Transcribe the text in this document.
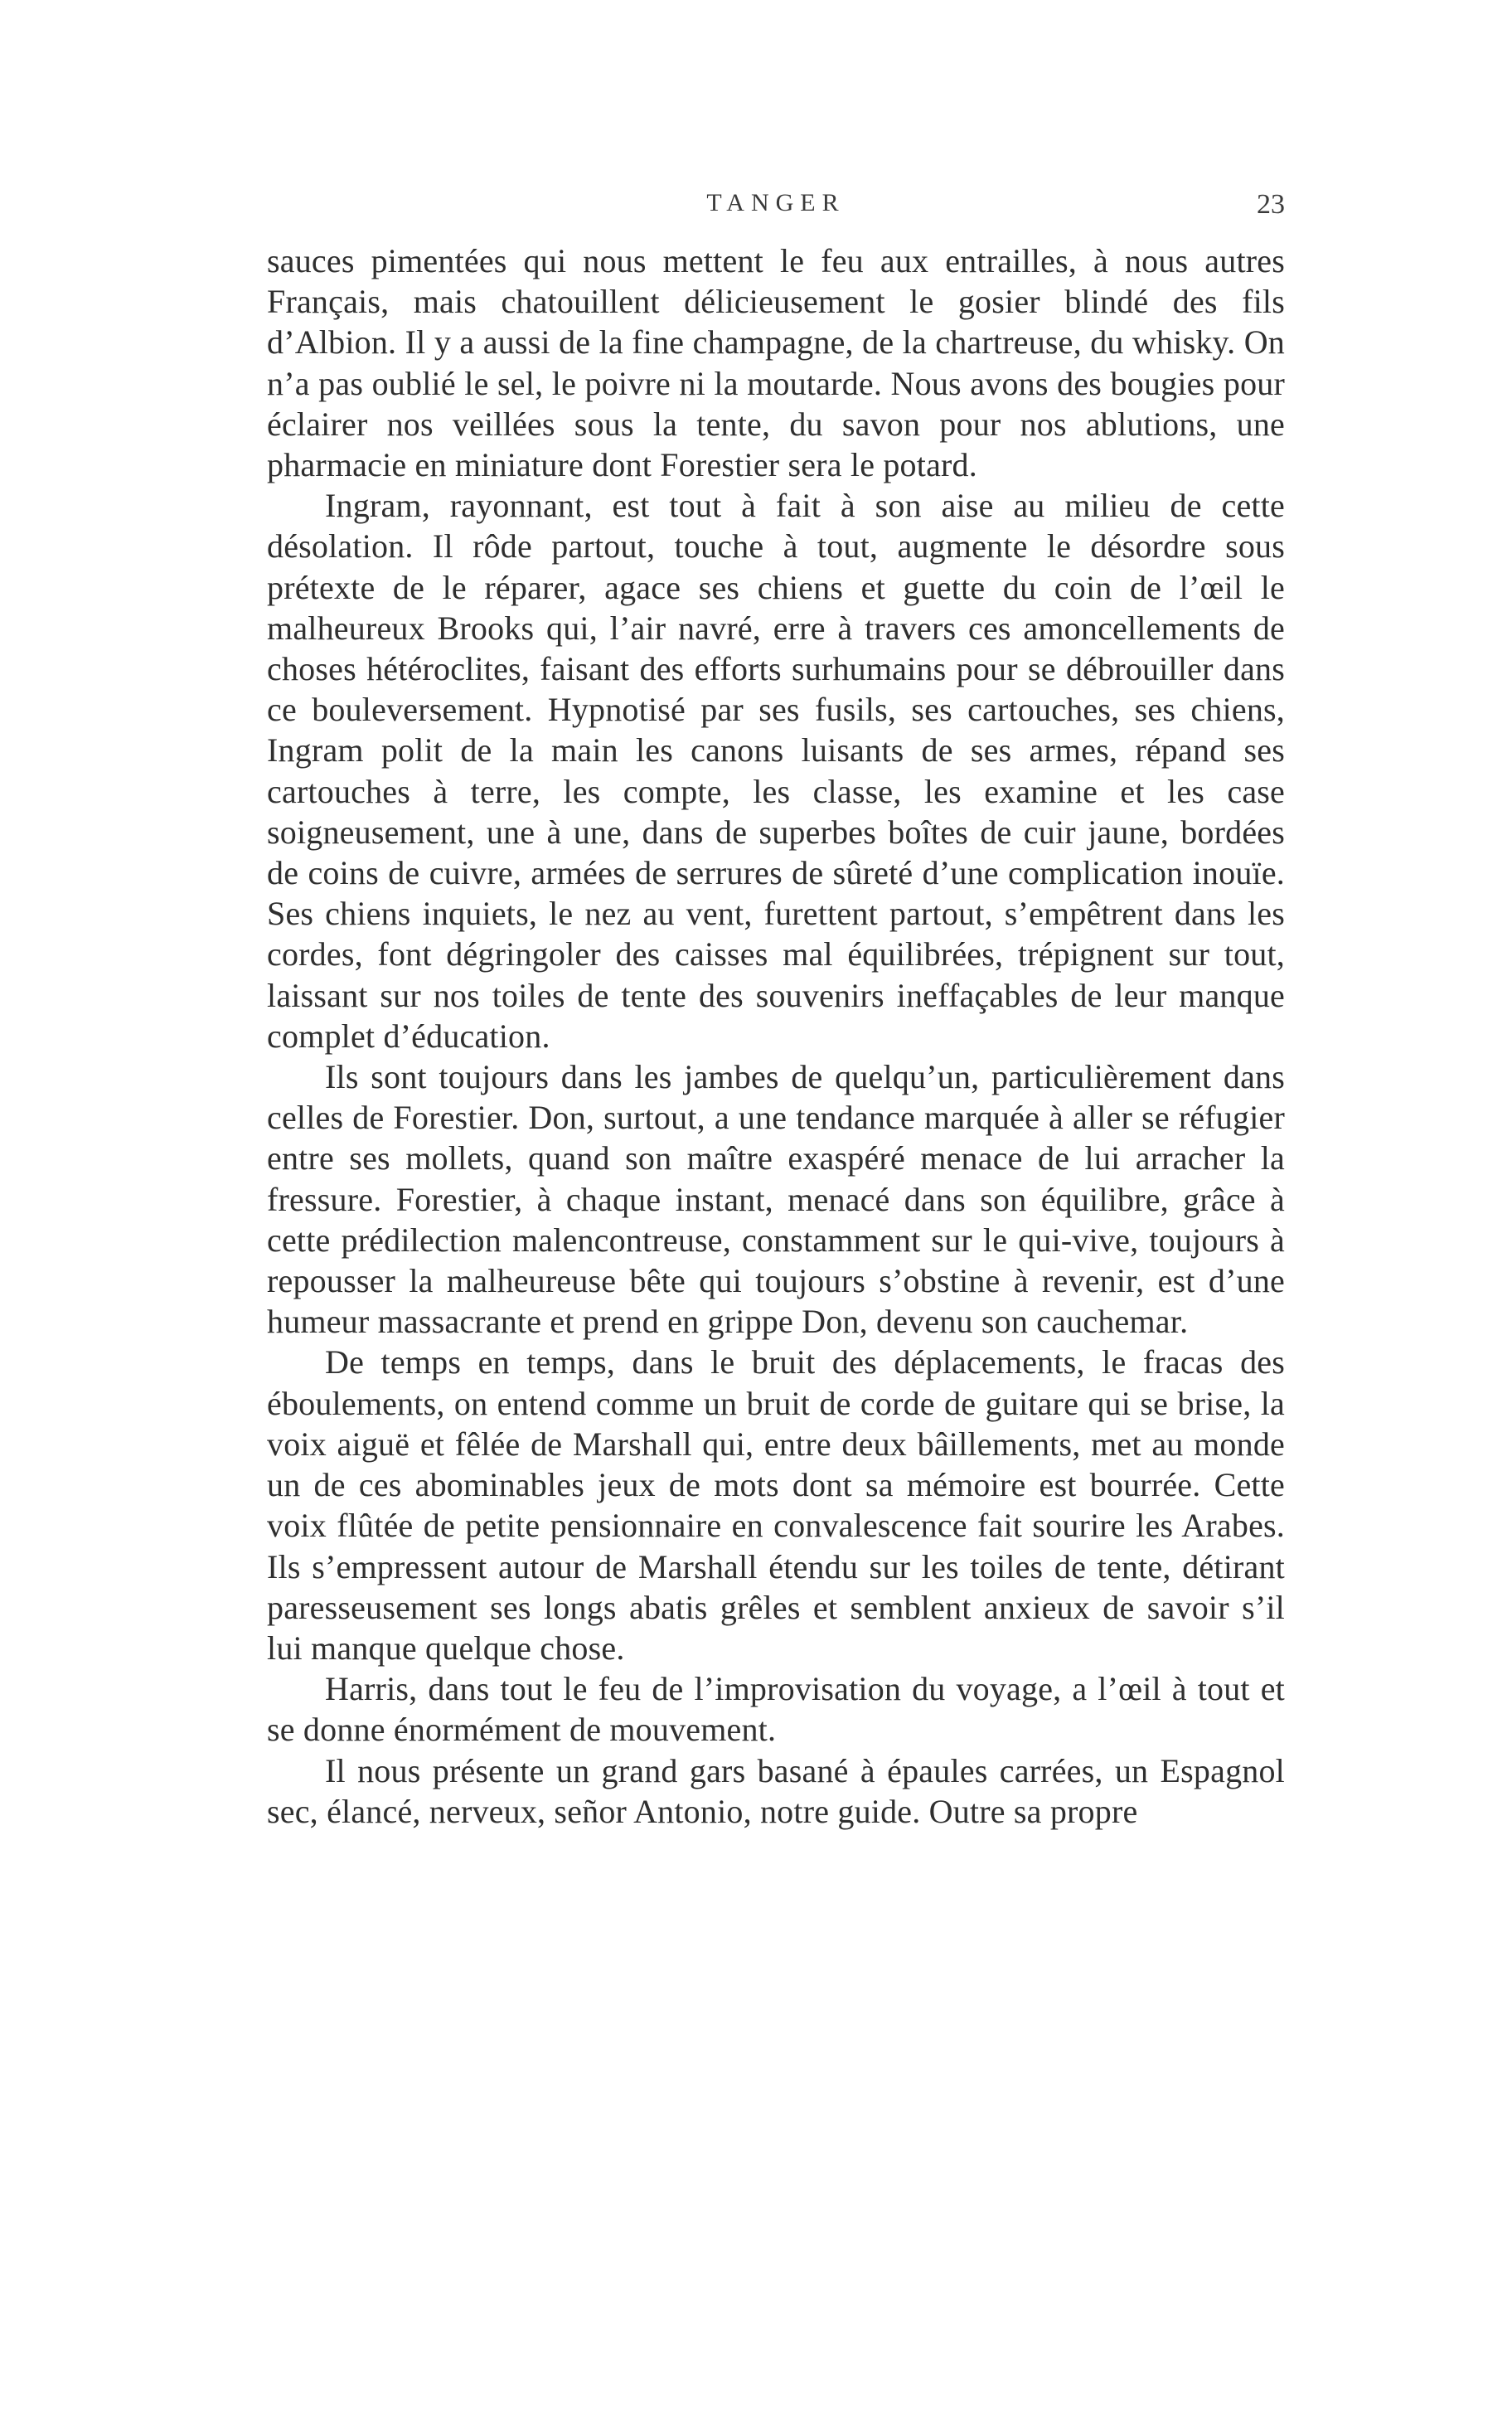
TANGER	23

sauces pimentées qui nous mettent le feu aux entrailles, à nous autres Français, mais chatouillent délicieusement le gosier blindé des fils d’Albion. Il y a aussi de la fine champagne, de la chartreuse, du whisky. On n’a pas oublié le sel, le poivre ni la moutarde. Nous avons des bougies pour éclairer nos veillées sous la tente, du savon pour nos ablutions, une pharmacie en miniature dont Forestier sera le potard.

Ingram, rayonnant, est tout à fait à son aise au milieu de cette désolation. Il rôde partout, touche à tout, augmente le désordre sous prétexte de le réparer, agace ses chiens et guette du coin de l’œil le malheureux Brooks qui, l’air navré, erre à travers ces amoncellements de choses hétéroclites, faisant des efforts surhumains pour se débrouiller dans ce bouleversement. Hypnotisé par ses fusils, ses cartouches, ses chiens, Ingram polit de la main les canons luisants de ses armes, répand ses cartouches à terre, les compte, les classe, les examine et les case soigneusement, une à une, dans de superbes boîtes de cuir jaune, bordées de coins de cuivre, armées de serrures de sûreté d’une complication inouïe. Ses chiens inquiets, le nez au vent, furettent partout, s’empêtrent dans les cordes, font dégringoler des caisses mal équilibrées, trépignent sur tout, laissant sur nos toiles de tente des souvenirs ineffaçables de leur manque complet d’éducation.

Ils sont toujours dans les jambes de quelqu’un, particulièrement dans celles de Forestier. Don, surtout, a une tendance marquée à aller se réfugier entre ses mollets, quand son maître exaspéré menace de lui arracher la fressure. Forestier, à chaque instant, menacé dans son équilibre, grâce à cette prédilection malencontreuse, constamment sur le qui-vive, toujours à repousser la malheureuse bête qui toujours s’obstine à revenir, est d’une humeur massacrante et prend en grippe Don, devenu son cauchemar.

De temps en temps, dans le bruit des déplacements, le fracas des éboulements, on entend comme un bruit de corde de guitare qui se brise, la voix aiguë et fêlée de Marshall qui, entre deux bâillements, met au monde un de ces abominables jeux de mots dont sa mémoire est bourrée. Cette voix flûtée de petite pensionnaire en convalescence fait sourire les Arabes. Ils s’empressent autour de Marshall étendu sur les toiles de tente, détirant paresseusement ses longs abatis grêles et semblent anxieux de savoir s’il lui manque quelque chose.

Harris, dans tout le feu de l’improvisation du voyage, a l’œil à tout et se donne énormément de mouvement.

Il nous présente un grand gars basané à épaules carrées, un Espagnol sec, élancé, nerveux, señor Antonio, notre guide. Outre sa propre
